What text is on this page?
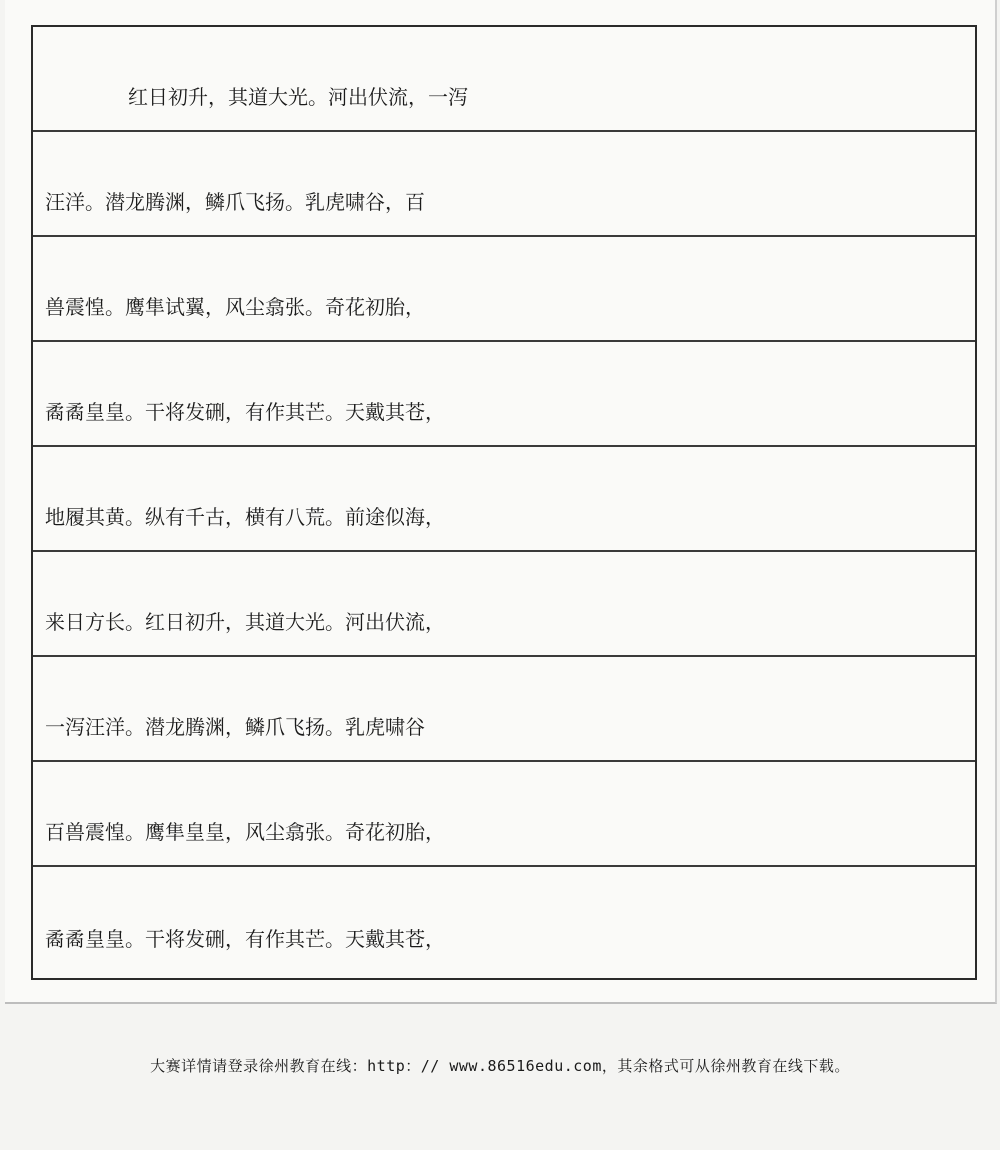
红日初升，其道大光。河出伏流，一泻
汪洋。潜龙腾渊，鳞爪飞扬。乳虎啸谷，百
兽震惶。鹰隼试翼，风尘翕张。奇花初胎，
矞矞皇皇。干将发硎，有作其芒。天戴其苍，
地履其黄。纵有千古，横有八荒。前途似海，
来日方长。红日初升，其道大光。河出伏流，
一泻汪洋。潜龙腾渊，鳞爪飞扬。乳虎啸谷
百兽震惶。鹰隼皇皇，风尘翕张。奇花初胎，
矞矞皇皇。干将发硎，有作其芒。天戴其苍，
大赛详情请登录徐州教育在线：http：// www.86516edu.com，其余格式可从徐州教育在线下载。
